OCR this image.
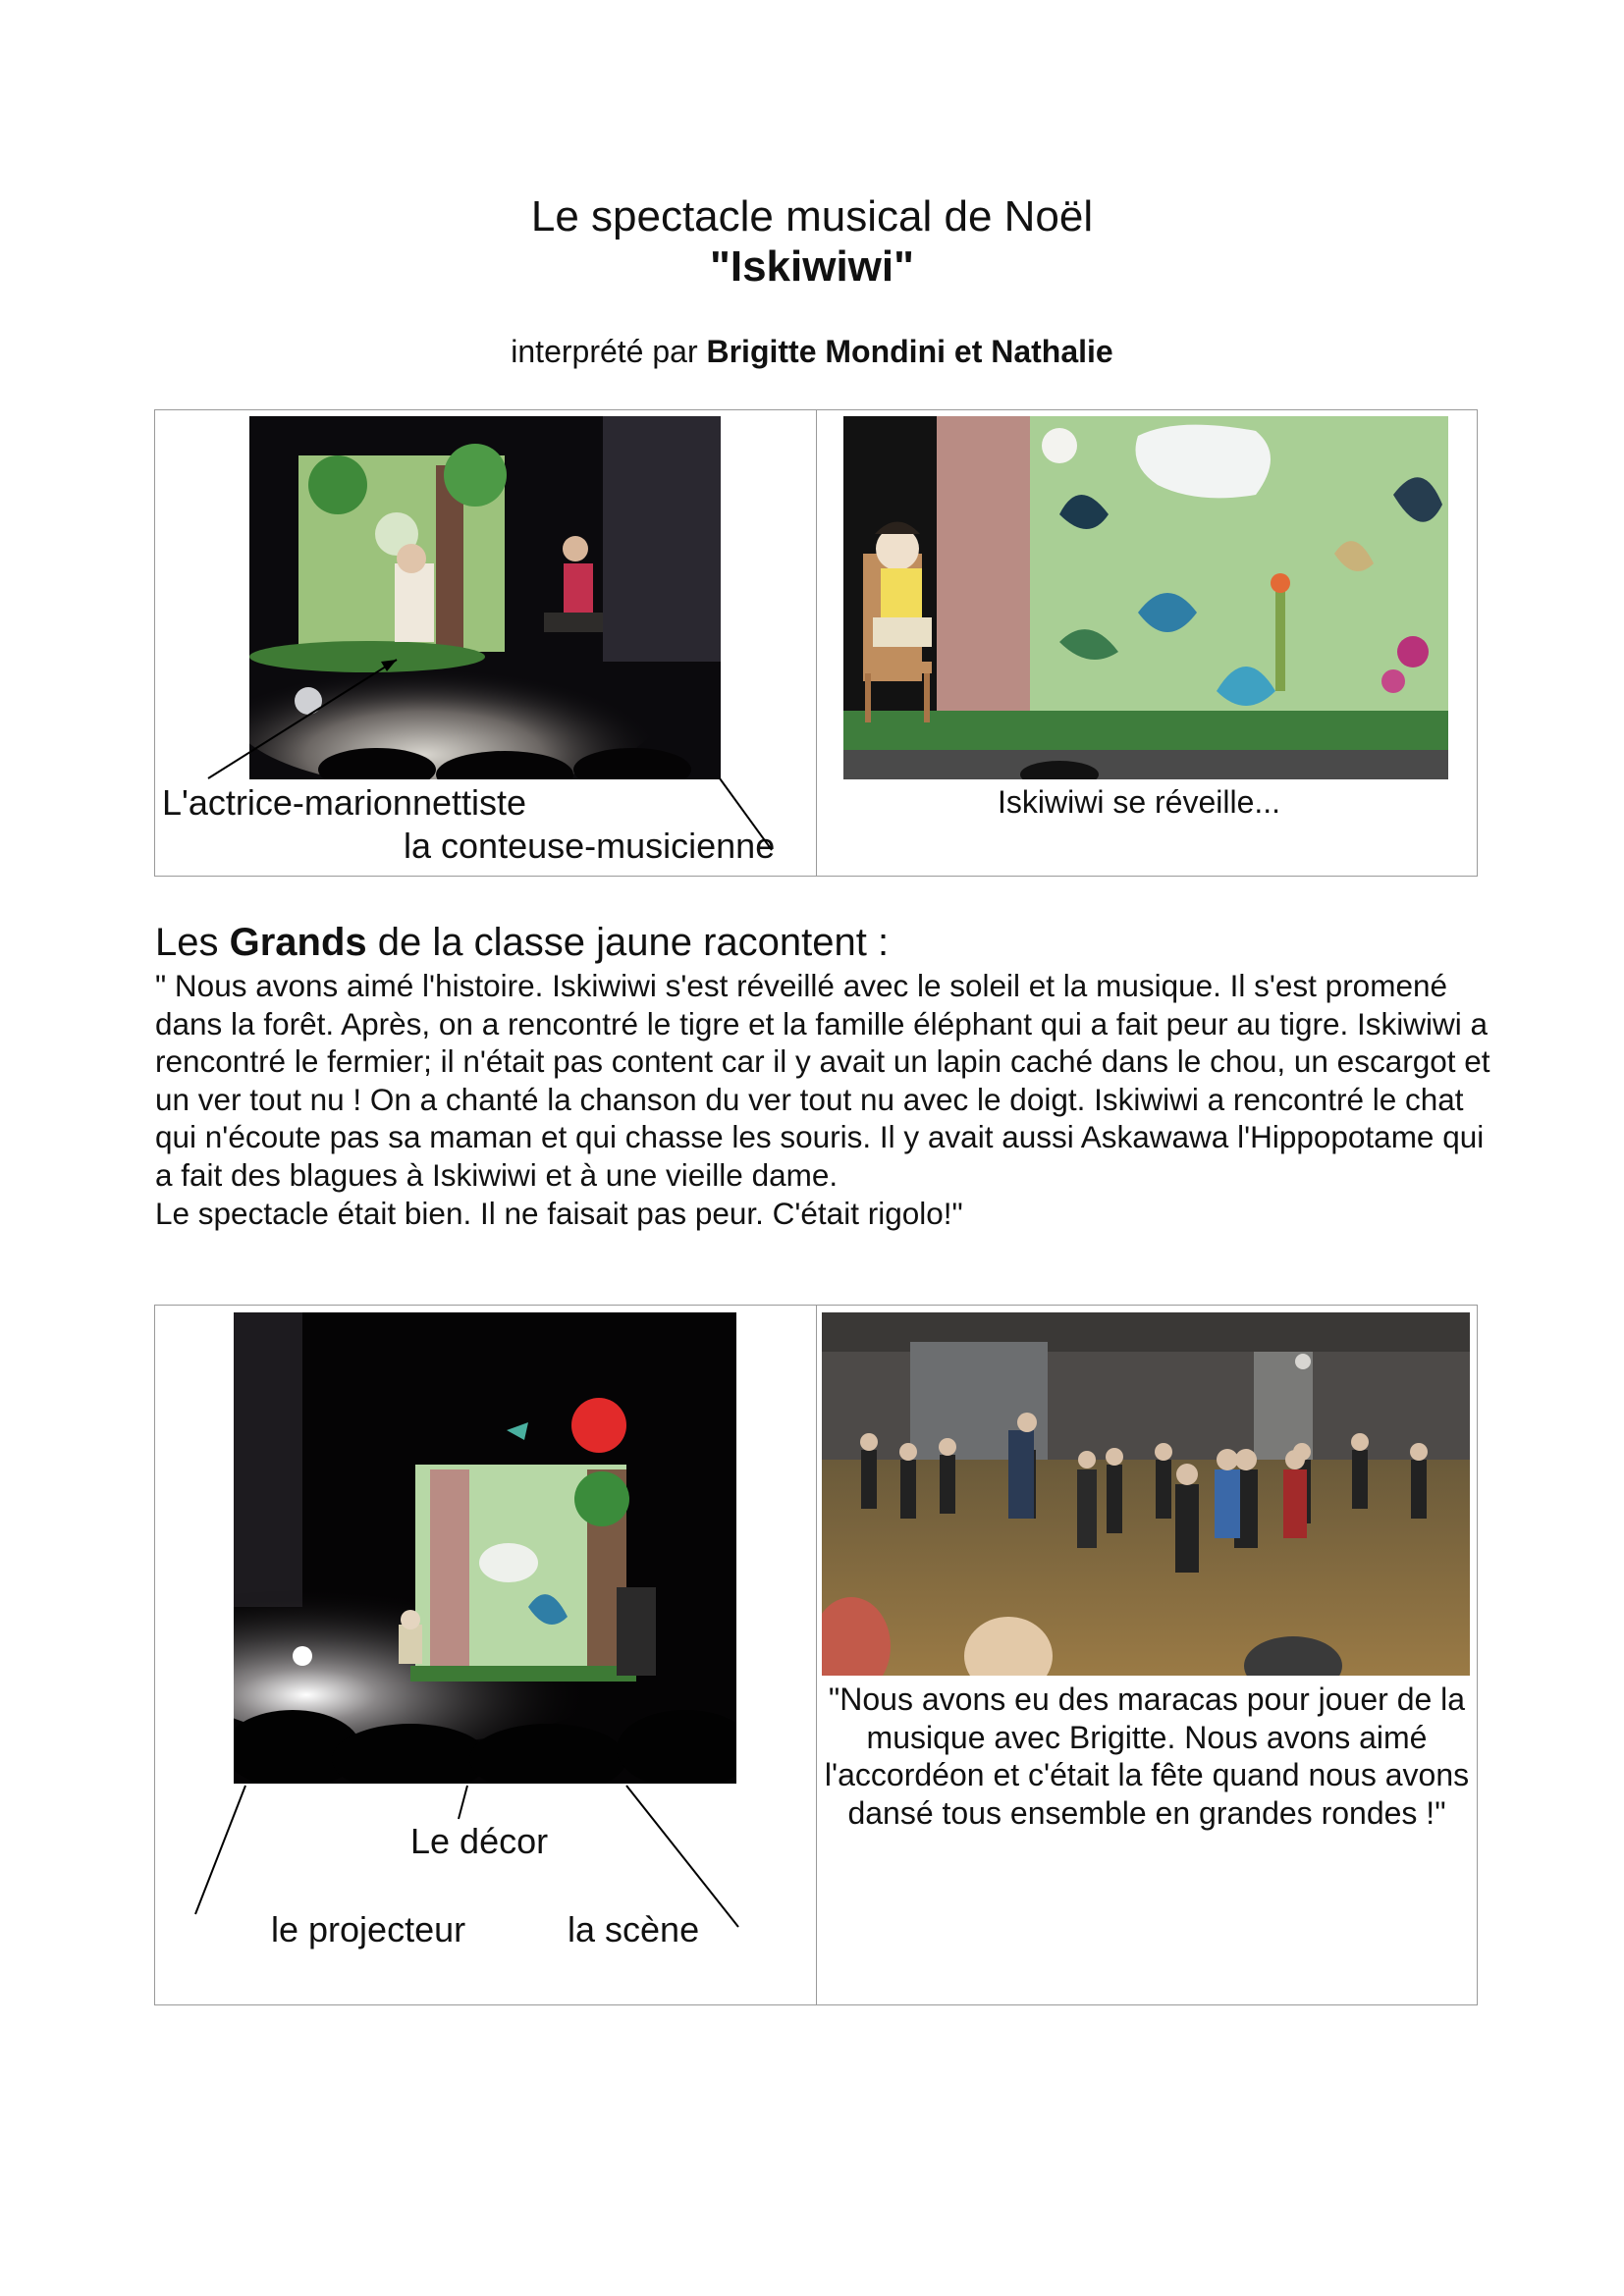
Le spectacle musical de Noël
"Iskiwiwi"
interprété par Brigitte Mondini et Nathalie
L'actrice-marionnettiste
la conteuse-musicienne
Iskiwiwi se réveille...
Les Grands de la classe jaune racontent :

" Nous avons aimé l'histoire. Iskiwiwi s'est réveillé avec le soleil et la musique. Il s'est promené dans la forêt. Après, on a rencontré le tigre et la famille éléphant qui a fait peur au tigre. Iskiwiwi a rencontré le fermier; il n'était pas content car il y avait un lapin caché dans le chou, un escargot et un ver tout nu ! On a chanté la chanson du ver tout nu avec le doigt. Iskiwiwi a rencontré le chat qui n'écoute pas sa maman et qui chasse les souris. Il y avait aussi Askawawa l'Hippopotame qui a fait des blagues à Iskiwiwi et à une vieille dame.

Le spectacle était bien. Il ne faisait pas peur. C'était rigolo!"

Le décor
le projecteur	la scène
"Nous avons eu des maracas pour jouer de la musique avec Brigitte. Nous avons aimé l'accordéon et c'était la fête quand nous avons dansé tous ensemble en grandes rondes !"
